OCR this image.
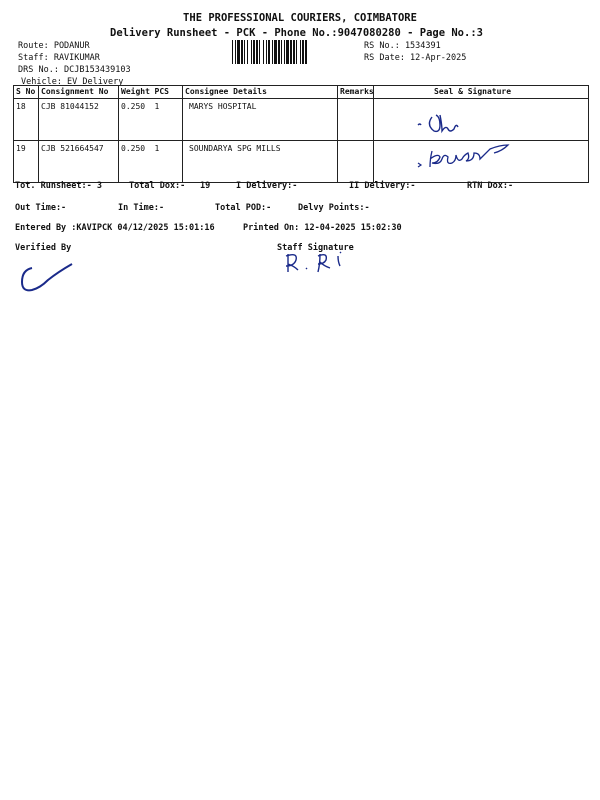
THE PROFESSIONAL COURIERS, COIMBATORE
Delivery Runsheet - PCK - Phone No.:9047080280 - Page No.:3
Route: PODANUR
Staff: RAVIKUMAR
DRS No.: DCJB153439103
Vehicle: EV Delivery
RS No.: 1534391
RS Date: 12-Apr-2025
S No	Consignment No	Weight	PCS	Consignee Details	Remarks	Seal & Signature
18	CJB 81044152	0.250	1	MARYS HOSPITAL		

19	CJB 521664547	0.250	1	SOUNDARYA SPG MILLS		
Tot. Runsheet:- 3	Total Dox:- 19	I Delivery:-	II Delivery:-	RTN Dox:-
Out Time:-	In Time:-	Total POD:-	Delvy Points:-
Entered By :KAVIPCK 04/12/2025 15:01:16	Printed On: 12-04-2025 15:02:30
Verified By	Staff Signature
